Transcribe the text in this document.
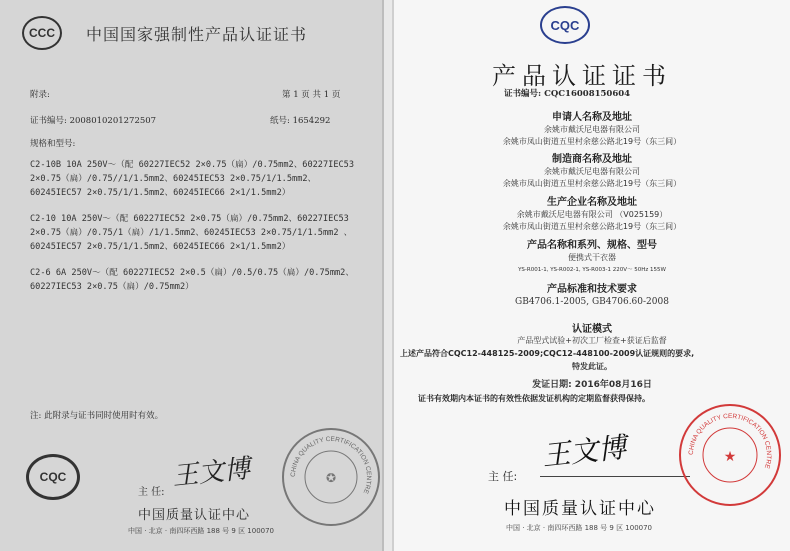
CCC	中国国家强制性产品认证证书
附录:	第 1 页 共 1 页
证书编号: 2008010201272507	纸号: 1654292
规格和型号:
C2-10B 10A 250V～（配 60227IEC52 2×0.75（扁）/0.75mm2、60227IEC53 2×0.75（扁）/0.75//1/1.5mm2、60245IEC53 2×0.75/1/1.5mm2、60245IEC57 2×0.75/1/1.5mm2、60245IEC66 2×1/1.5mm2）
C2-10 10A 250V～（配 60227IEC52 2×0.75（扁）/0.75mm2、60227IEC53 2×0.75（扁）/0.75/1（扁）/1/1.5mm2、60245IEC53 2×0.75/1/1.5mm2 、60245IEC57 2×0.75/1/1.5mm2、60245IEC66 2×1/1.5mm2）
C2-6 6A 250V～（配 60227IEC52 2×0.5（扁）/0.5/0.75（扁）/0.75mm2、60227IEC53 2×0.75（扁）/0.75mm2）
注: 此附录与证书同时使用时有效。
CQC
主 任:
王文博
中国质量认证中心
中国 · 北京 · 南四环西路 188 号 9 区 100070
CHINA QUALITY CERTIFICATION CENTRE
✪
CQC
产品认证证书
证书编号: CQC16008150604
申请人名称及地址
余姚市戴沃尼电器有限公司
余姚市凤山街道五里村余慈公路北19号（东三间）
制造商名称及地址
余姚市戴沃尼电器有限公司
余姚市凤山街道五里村余慈公路北19号（东三间）
生产企业名称及地址
余姚市戴沃尼电器有限公司 （V025159）
余姚市凤山街道五里村余慈公路北19号（东三间）
产品名称和系列、规格、型号
便携式干衣器
YS-R001-1, YS-R002-1, YS-R003-1 220V～ 50Hz 155W
产品标准和技术要求
GB4706.1-2005, GB4706.60-2008
认证模式
产品型式试验+初次工厂检查+获证后监督
上述产品符合CQC12-448125-2009;CQC12-448100-2009认证规则的要求,
特发此证。
发证日期: 2016年08月16日
证书有效期内本证书的有效性依据发证机构的定期监督获得保持。
主 任:
王文博
中国质量认证中心
中国 · 北京 · 南四环西路 188 号 9 区 100070
CHINA QUALITY CERTIFICATION CENTRE
★
